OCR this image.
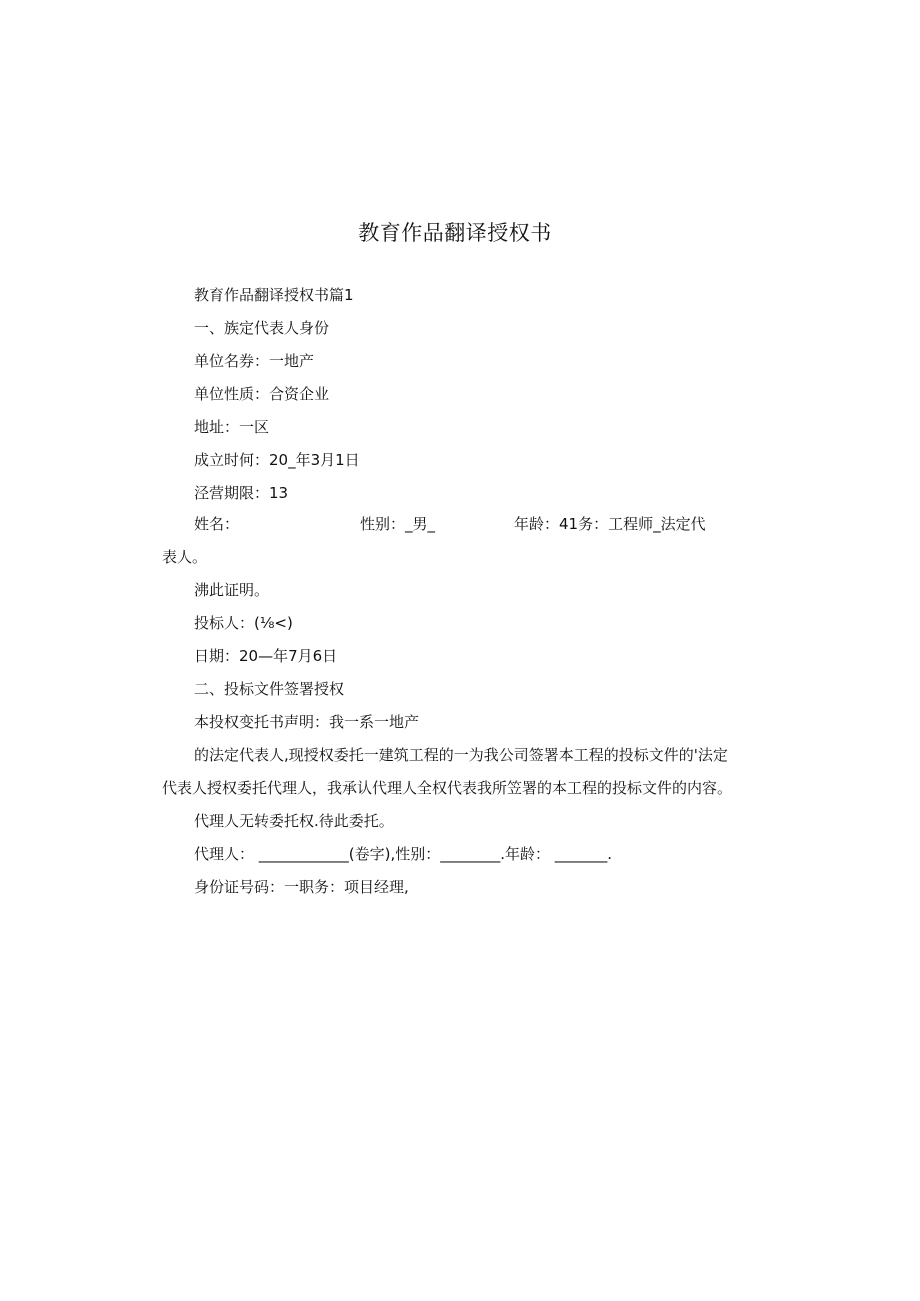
教育作品翻译授权书

教育作品翻译授权书篇1

一、族定代表人身份

单位名券：一地产

单位性质：合资企业

地址：一区

成立时何：20_年3月1日

泾营期限：13

姓名：	性别：_男_	年龄：41务：工程师_法定代

表人。

沸此证明。

投标人：(⅛<)

日期：20—年7月6日

二、投标文件签署授权

本投权变托书声明：我一系一地产

的法定代表人,现授权委托一建筑工程的一为我公司签署本工程的投标文件的'法定

代表人授权委托代理人，我承认代理人全权代表我所笠署的本工程的投标文件的内容。

代理人无转委托权.待此委托。

代理人： ____________(卷字),性别：________.年龄： _______.

身份证号码：一职务：项目经理,
